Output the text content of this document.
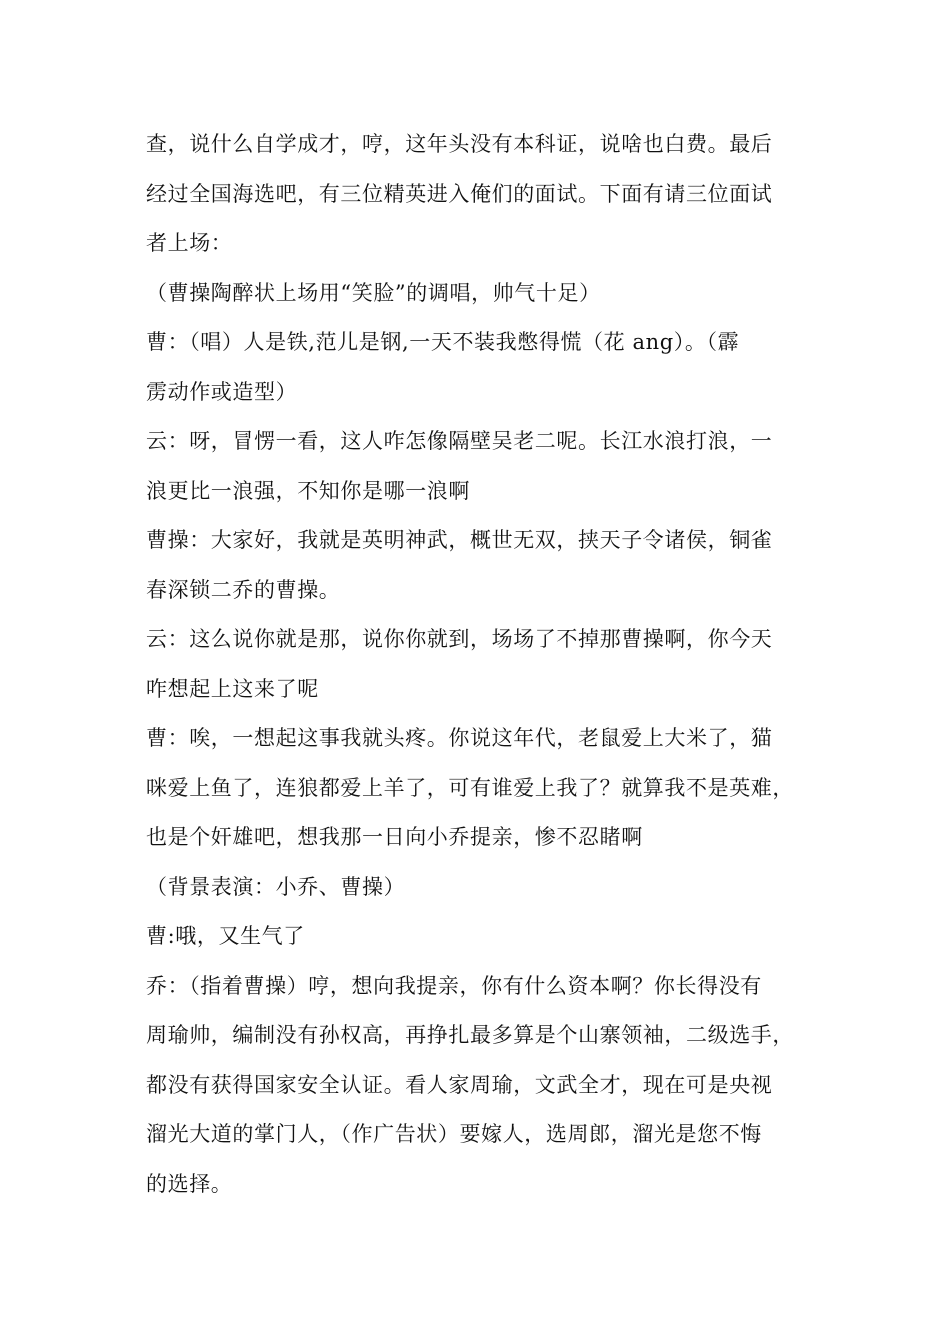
查，说什么自学成才，哼，这年头没有本科证，说啥也白费。最后
经过全国海选吧，有三位精英进入俺们的面试。下面有请三位面试
者上场：
（曹操陶醉状上场用“笑脸”的调唱，帅气十足）
曹：（唱）人是铁,范儿是钢,一天不装我憋得慌（花 ang）。（霹
雳动作或造型）
云：呀，冒愣一看，这人咋怎像隔壁吴老二呢。长江水浪打浪，一
浪更比一浪强，不知你是哪一浪啊
曹操：大家好，我就是英明神武，概世无双，挟天子令诸侯，铜雀
春深锁二乔的曹操。
云：这么说你就是那，说你你就到，场场了不掉那曹操啊，你今天
咋想起上这来了呢
曹：唉，一想起这事我就头疼。你说这年代，老鼠爱上大米了，猫
咪爱上鱼了，连狼都爱上羊了，可有谁爱上我了？就算我不是英难，
也是个奸雄吧，想我那一日向小乔提亲，惨不忍睹啊
（背景表演：小乔、曹操）
曹:哦，又生气了
乔：（指着曹操）哼，想向我提亲，你有什么资本啊？你长得没有
周瑜帅，编制没有孙权高，再挣扎最多算是个山寨领袖，二级选手，
都没有获得国家安全认证。看人家周瑜，文武全才，现在可是央视
溜光大道的掌门人，（作广告状）要嫁人，选周郎，溜光是您不悔
的选择。
